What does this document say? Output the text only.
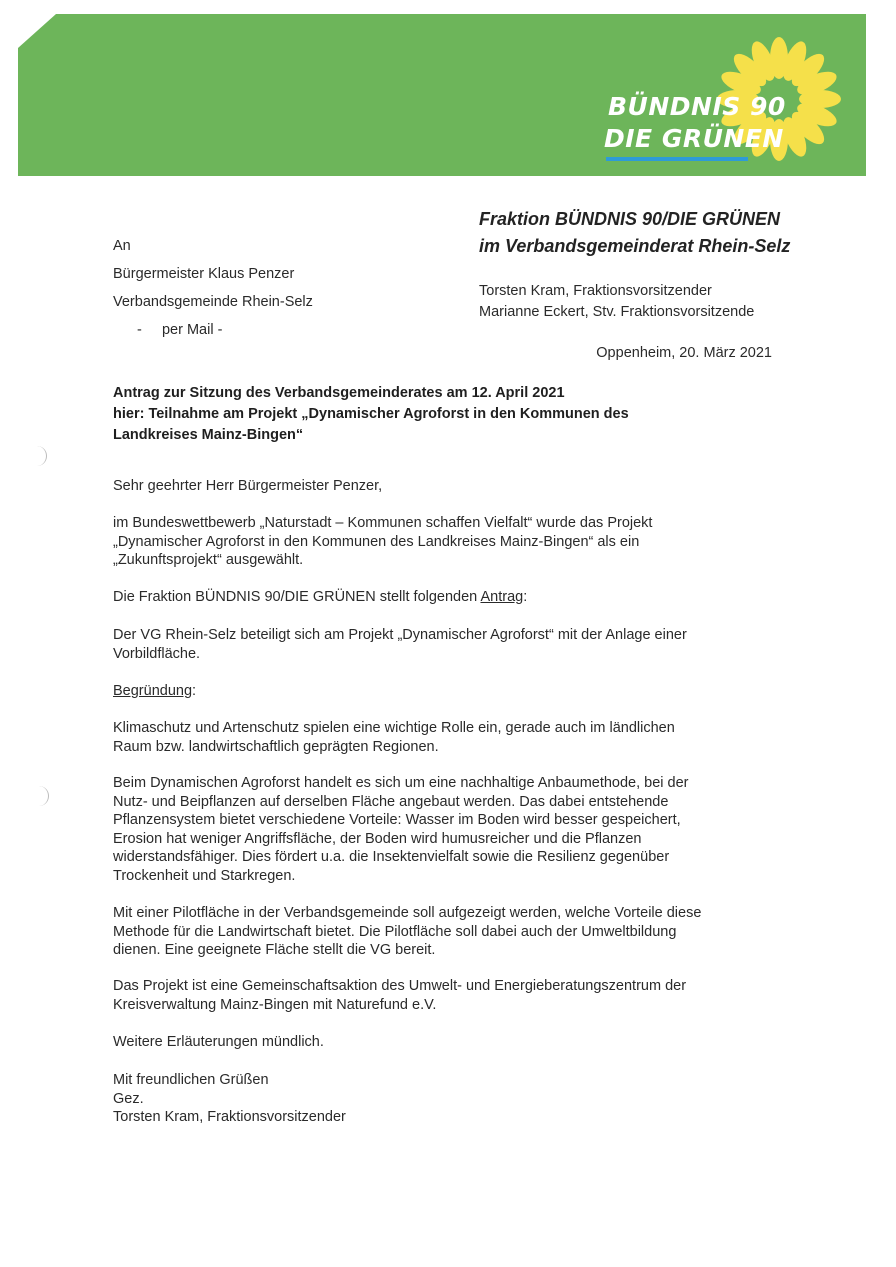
BÜNDNIS 90
DIE GRÜNEN
Fraktion BÜNDNIS 90/DIE GRÜNEN
im Verbandsgemeinderat Rhein-Selz
Torsten Kram, Fraktionsvorsitzender
Marianne Eckert, Stv. Fraktionsvorsitzende
An
Bürgermeister Klaus Penzer
Verbandsgemeinde Rhein-Selz
-     per Mail -
Oppenheim, 20. März 2021
Antrag zur Sitzung des Verbandsgemeinderates am 12. April 2021
hier: Teilnahme am Projekt „Dynamischer Agroforst in den Kommunen des
Landkreises Mainz-Bingen“

Sehr geehrter Herr Bürgermeister Penzer,

im Bundeswettbewerb „Naturstadt – Kommunen schaffen Vielfalt“ wurde das Projekt
„Dynamischer Agroforst in den Kommunen des Landkreises Mainz-Bingen“ als ein
„Zukunftsprojekt“ ausgewählt.
Die Fraktion BÜNDNIS 90/DIE GRÜNEN stellt folgenden Antrag:
Der VG Rhein-Selz beteiligt sich am Projekt „Dynamischer Agroforst“ mit der Anlage einer
Vorbildfläche.
Begründung:
Klimaschutz und Artenschutz spielen eine wichtige Rolle ein, gerade auch im ländlichen
Raum bzw. landwirtschaftlich geprägten Regionen.
Beim Dynamischen Agroforst handelt es sich um eine nachhaltige Anbaumethode, bei der
Nutz- und Beipflanzen auf derselben Fläche angebaut werden. Das dabei entstehende
Pflanzensystem bietet verschiedene Vorteile: Wasser im Boden wird besser gespeichert,
Erosion hat weniger Angriffsfläche, der Boden wird humusreicher und die Pflanzen
widerstandsfähiger. Dies fördert u.a. die Insektenvielfalt sowie die Resilienz gegenüber
Trockenheit und Starkregen.
Mit einer Pilotfläche in der Verbandsgemeinde soll aufgezeigt werden, welche Vorteile diese
Methode für die Landwirtschaft bietet. Die Pilotfläche soll dabei auch der Umweltbildung
dienen. Eine geeignete Fläche stellt die VG bereit.
Das Projekt ist eine Gemeinschaftsaktion des Umwelt- und Energieberatungszentrum der
Kreisverwaltung Mainz-Bingen mit Naturefund e.V.

Weitere Erläuterungen mündlich.

Mit freundlichen Grüßen
Gez.
Torsten Kram, Fraktionsvorsitzender
